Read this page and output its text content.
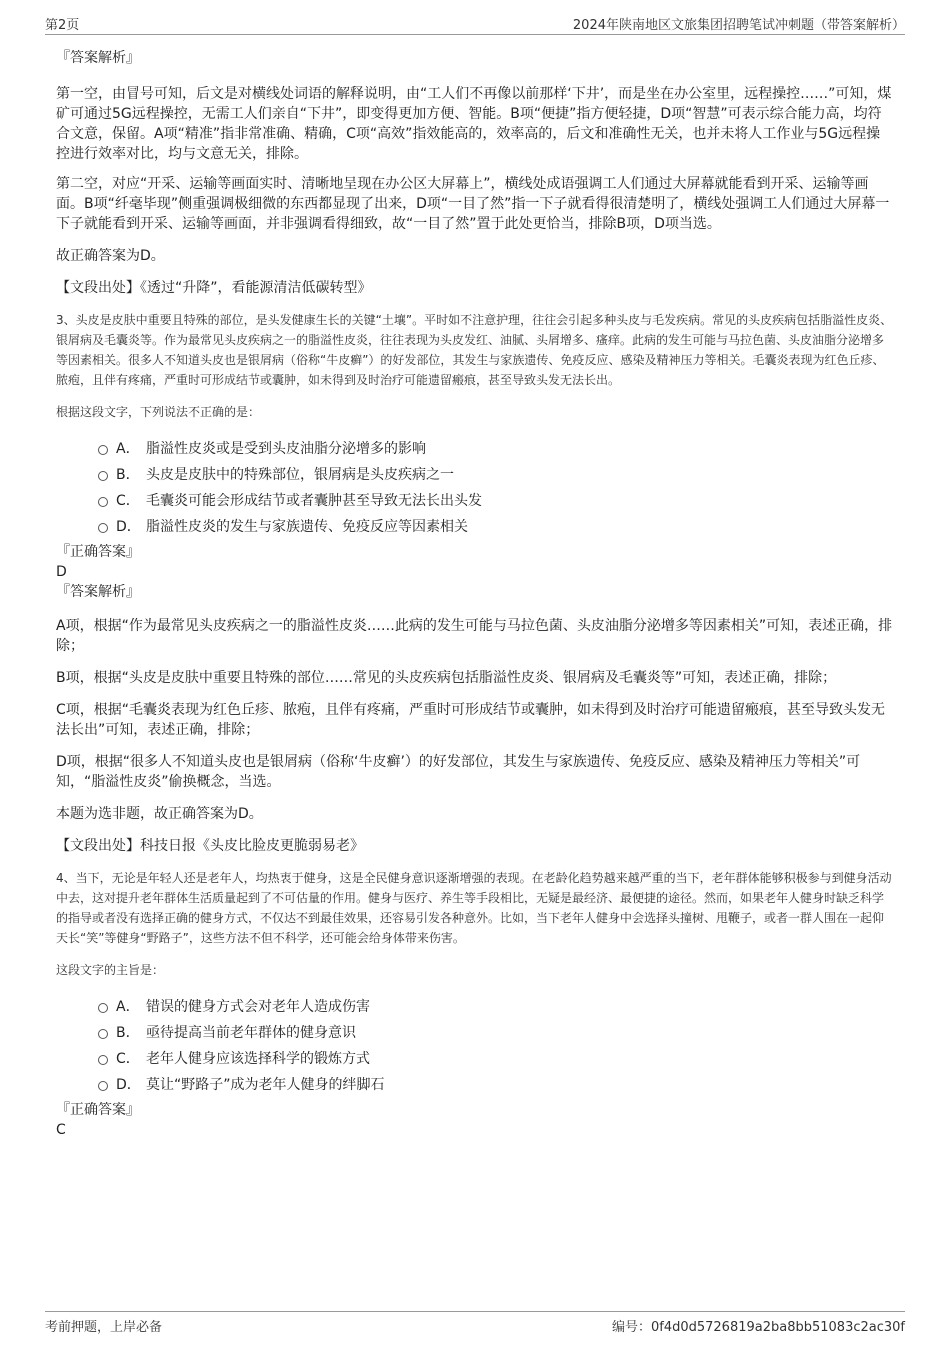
第2页	2024年陕南地区文旅集团招聘笔试冲刺题（带答案解析）

『答案解析』

第一空，由冒号可知，后文是对横线处词语的解释说明，由“工人们不再像以前那样‘下井’，而是坐在办公室里，远程操控……”可知，煤矿可通过5G远程操控，无需工人们亲自“下井”，即变得更加方便、智能。B项“便捷”指方便轻捷，D项“智慧”可表示综合能力高，均符合文意，保留。A项“精准”指非常准确、精确，C项“高效”指效能高的，效率高的，后文和准确性无关，也并未将人工作业与5G远程操控进行效率对比，均与文意无关，排除。

第二空，对应“开采、运输等画面实时、清晰地呈现在办公区大屏幕上”，横线处成语强调工人们通过大屏幕就能看到开采、运输等画面。B项“纤毫毕现”侧重强调极细微的东西都显现了出来，D项“一目了然”指一下子就看得很清楚明了，横线处强调工人们通过大屏幕一下子就能看到开采、运输等画面，并非强调看得细致，故“一目了然”置于此处更恰当，排除B项，D项当选。

故正确答案为D。

【文段出处】《透过“升降”，看能源清洁低碳转型》

3、头皮是皮肤中重要且特殊的部位，是头发健康生长的关键“土壤”。平时如不注意护理，往往会引起多种头皮与毛发疾病。常见的头皮疾病包括脂溢性皮炎、银屑病及毛囊炎等。作为最常见头皮疾病之一的脂溢性皮炎，往往表现为头皮发红、油腻、头屑增多、瘙痒。此病的发生可能与马拉色菌、头皮油脂分泌增多等因素相关。很多人不知道头皮也是银屑病（俗称“牛皮癣”）的好发部位，其发生与家族遗传、免疫反应、感染及精神压力等相关。毛囊炎表现为红色丘疹、脓疱，且伴有疼痛，严重时可形成结节或囊肿，如未得到及时治疗可能遗留瘢痕，甚至导致头发无法长出。

根据这段文字，下列说法不正确的是：

A． 脂溢性皮炎或是受到头皮油脂分泌增多的影响
B． 头皮是皮肤中的特殊部位，银屑病是头皮疾病之一
C． 毛囊炎可能会形成结节或者囊肿甚至导致无法长出头发
D． 脂溢性皮炎的发生与家族遗传、免疫反应等因素相关

『正确答案』

D

『答案解析』

A项，根据“作为最常见头皮疾病之一的脂溢性皮炎……此病的发生可能与马拉色菌、头皮油脂分泌增多等因素相关”可知，表述正确，排除；

B项，根据“头皮是皮肤中重要且特殊的部位……常见的头皮疾病包括脂溢性皮炎、银屑病及毛囊炎等”可知，表述正确，排除；

C项，根据“毛囊炎表现为红色丘疹、脓疱，且伴有疼痛，严重时可形成结节或囊肿，如未得到及时治疗可能遗留瘢痕，甚至导致头发无法长出”可知，表述正确，排除；

D项，根据“很多人不知道头皮也是银屑病（俗称‘牛皮癣’）的好发部位，其发生与家族遗传、免疫反应、感染及精神压力等相关”可知，“脂溢性皮炎”偷换概念，当选。

本题为选非题，故正确答案为D。

【文段出处】科技日报《头皮比脸皮更脆弱易老》

4、当下，无论是年轻人还是老年人，均热衷于健身，这是全民健身意识逐渐增强的表现。在老龄化趋势越来越严重的当下，老年群体能够积极参与到健身活动中去，这对提升老年群体生活质量起到了不可估量的作用。健身与医疗、养生等手段相比，无疑是最经济、最便捷的途径。然而，如果老年人健身时缺乏科学的指导或者没有选择正确的健身方式，不仅达不到最佳效果，还容易引发各种意外。比如，当下老年人健身中会选择头撞树、甩鞭子，或者一群人围在一起仰天长“笑”等健身“野路子”，这些方法不但不科学，还可能会给身体带来伤害。

这段文字的主旨是：

A． 错误的健身方式会对老年人造成伤害
B． 亟待提高当前老年群体的健身意识
C． 老年人健身应该选择科学的锻炼方式
D． 莫让“野路子”成为老年人健身的绊脚石

『正确答案』

C

考前押题，上岸必备	编号：0f4d0d5726819a2ba8bb51083c2ac30f
